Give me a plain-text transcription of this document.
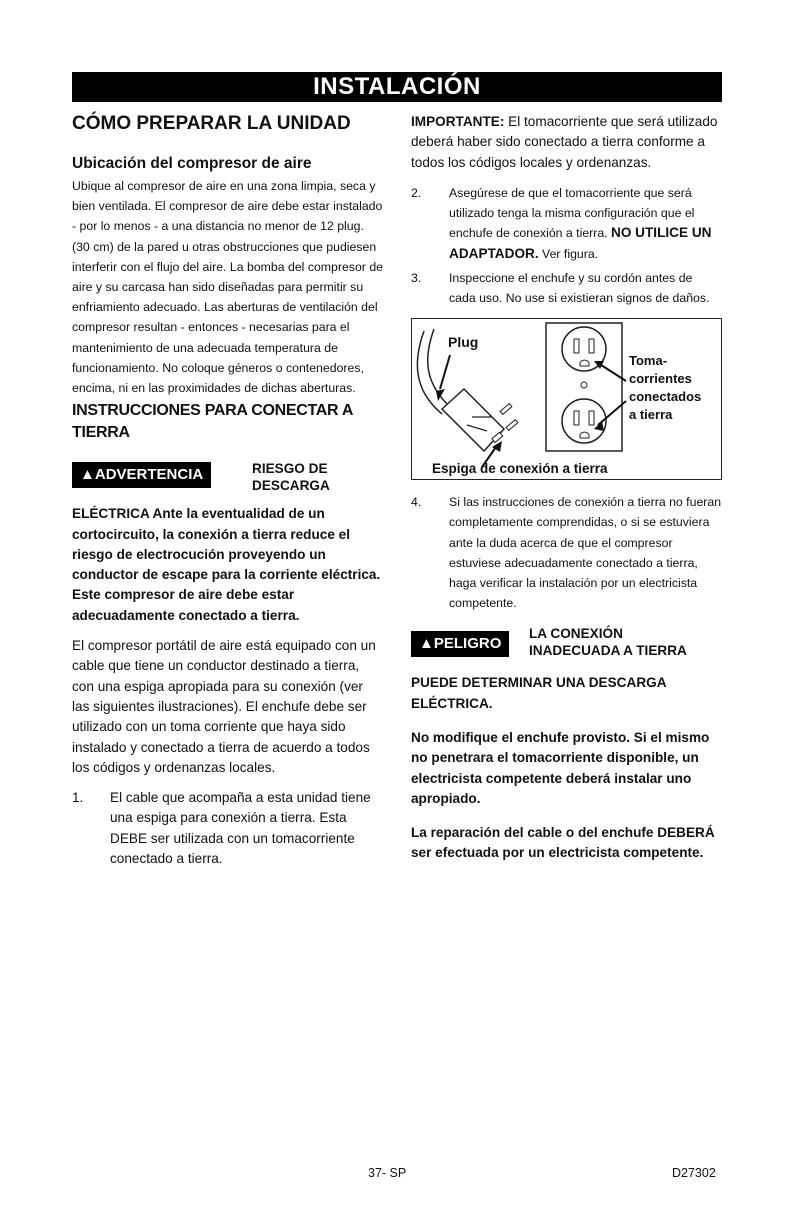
INSTALACIÓN
CÓMO PREPARAR LA UNIDAD
Ubicación del compresor de aire

Ubique al compresor de aire en una zona limpia, seca y bien ventilada. El compresor de aire debe estar instalado - por lo menos - a una distancia no menor de 12 plug. (30 cm) de la pared u otras obstrucciones que pudiesen interferir con el flujo del aire. La bomba del compresor de aire y su carcasa han sido diseñadas para permitir su enfriamiento adecuado. Las aberturas de ventilación del compresor resultan - entonces - necesarias para el mantenimiento de una adecuada temperatura de funcionamiento. No coloque géneros o contenedores, encima, ni en las proximidades de dichas aberturas.

INSTRUCCIONES PARA CONECTAR A TIERRA
▲ADVERTENCIA	RIESGO DE
DESCARGA

ELÉCTRICA Ante la eventualidad de un cortocircuito, la conexión a tierra reduce el riesgo de electrocución proveyendo un conductor de escape para la corriente eléctrica. Este compresor de aire debe estar adecuadamente conectado a tierra.

El compresor portátil de aire está equipado con un cable que tiene un conductor destinado a tierra, con una espiga apropiada para su conexión (ver las siguientes ilustraciones). El enchufe debe ser utilizado con un toma corriente que haya sido instalado y conectado a tierra de acuerdo a todos los códigos y ordenanzas locales.

1. El cable que acompaña a esta unidad tiene una espiga para conexión a tierra. Esta DEBE ser utilizada con un tomacorriente conectado a tierra.

IMPORTANTE: El tomacorriente que será utilizado deberá haber sido conectado a tierra conforme a todos los códigos locales y ordenanzas.

2. Asegúrese de que el tomacorriente que será utilizado tenga la misma configuración que el enchufe de conexión a tierra. NO UTILICE UN ADAPTADOR. Ver figura.
3. Inspeccione el enchufe y su cordón antes de cada uso. No use si existieran signos de daños.
Plug
Toma-
corrientes
conectados
a tierra
Espiga de conexión a tierra
4. Si las instrucciones de conexión a tierra no fueran completamente comprendidas, o si se estuviera ante la duda acerca de que el compresor estuviese adecuadamente conectado a tierra, haga verificar la instalación por un electricista competente.
▲PELIGRO
LA CONEXIÓN
INADECUADA A TIERRA

PUEDE DETERMINAR UNA DESCARGA ELÉCTRICA.

No modifique el enchufe provisto. Si el mismo no penetrara el tomacorriente disponible, un electricista competente deberá instalar uno apropiado.

La reparación del cable o del enchufe DEBERÁ ser efectuada por un electricista competente.

37- SP	D27302
